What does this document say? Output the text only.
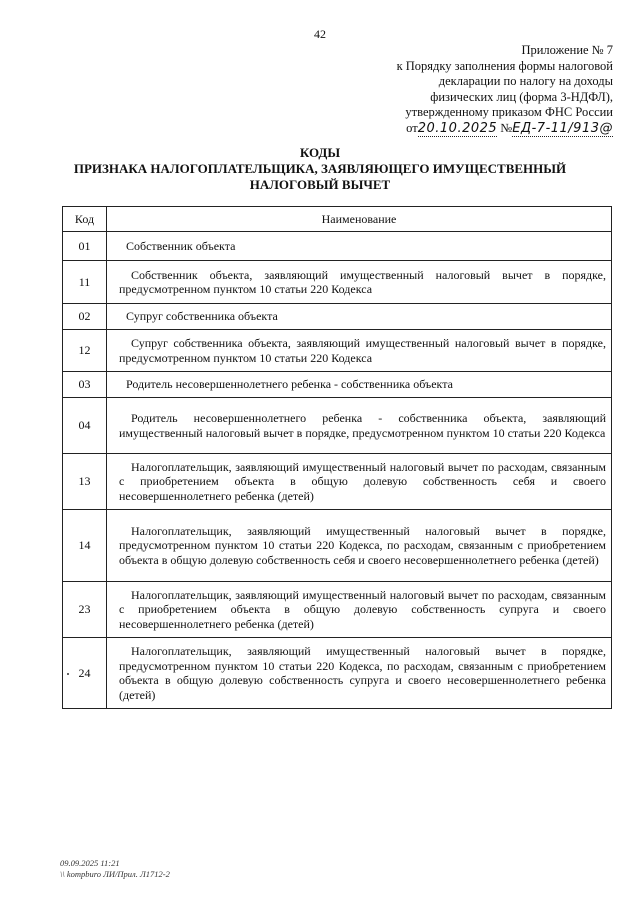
42
Приложение № 7
к Порядку заполнения формы налоговой
декларации по налогу на доходы
физических лиц (форма 3-НДФЛ),
утвержденному приказом ФНС России
от20.10.2025 №ЕД-7-11/913@
КОДЫ
ПРИЗНАКА НАЛОГОПЛАТЕЛЬЩИКА, ЗАЯВЛЯЮЩЕГО ИМУЩЕСТВЕННЫЙ
НАЛОГОВЫЙ ВЫЧЕТ
Код	Наименование
01	Собственник объекта
11	Собственник объекта, заявляющий имущественный налоговый вычет в порядке, предусмотренном пунктом 10 статьи 220 Кодекса
02	Супруг собственника объекта
12	Супруг собственника объекта, заявляющий имущественный налоговый вычет в порядке, предусмотренном пунктом 10 статьи 220 Кодекса
03	Родитель несовершеннолетнего ребенка - собственника объекта
04	Родитель несовершеннолетнего ребенка - собственника объекта, заявляющий имущественный налоговый вычет в порядке, предусмотренном пунктом 10 статьи 220 Кодекса
13	Налогоплательщик, заявляющий имущественный налоговый вычет по расходам, связанным с приобретением объекта в общую долевую собственность себя и своего несовершеннолетнего ребенка (детей)
14	Налогоплательщик, заявляющий имущественный налоговый вычет в порядке, предусмотренном пунктом 10 статьи 220 Кодекса, по расходам, связанным с приобретением объекта в общую долевую собственность себя и своего несовершеннолетнего ребенка (детей)
23	Налогоплательщик, заявляющий имущественный налоговый вычет по расходам, связанным с приобретением объекта в общую долевую собственность супруга и своего несовершеннолетнего ребенка (детей)
24	Налогоплательщик, заявляющий имущественный налоговый вычет в порядке, предусмотренном пунктом 10 статьи 220 Кодекса, по расходам, связанным с приобретением объекта в общую долевую собственность супруга и своего несовершеннолетнего ребенка (детей)
09.09.2025 11:21
\\ kompburo ЛИ/Прил. Л1712-2
